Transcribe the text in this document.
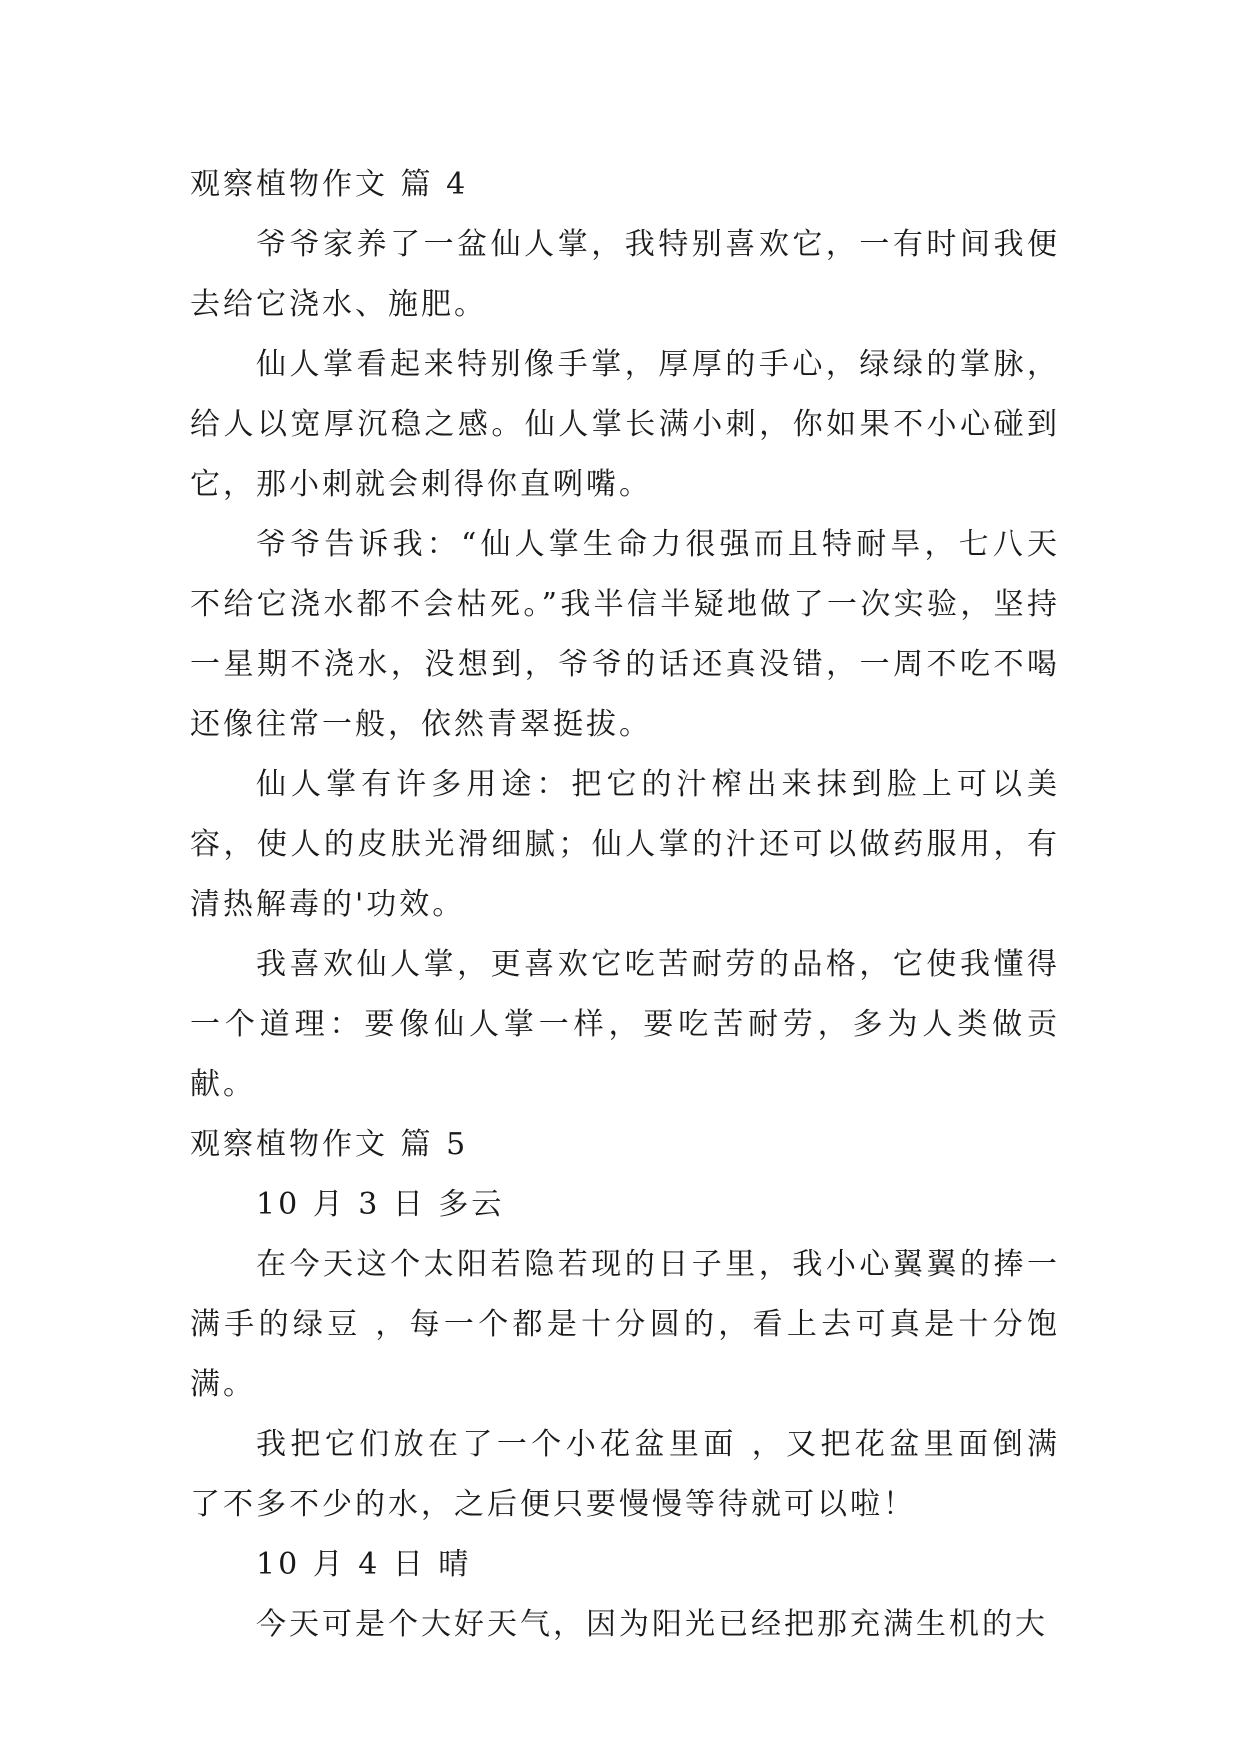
观察植物作文 篇 4

爷爷家养了一盆仙人掌，我特别喜欢它，一有时间我便去给它浇水、施肥。

仙人掌看起来特别像手掌，厚厚的手心，绿绿的掌脉，给人以宽厚沉稳之感。仙人掌长满小刺，你如果不小心碰到它，那小刺就会刺得你直咧嘴。

爷爷告诉我：“仙人掌生命力很强而且特耐旱，七八天不给它浇水都不会枯死。”我半信半疑地做了一次实验，坚持一星期不浇水，没想到，爷爷的话还真没错，一周不吃不喝还像往常一般，依然青翠挺拔。

仙人掌有许多用途：把它的汁榨出来抹到脸上可以美容，使人的皮肤光滑细腻；仙人掌的汁还可以做药服用，有清热解毒的'功效。

我喜欢仙人掌，更喜欢它吃苦耐劳的品格，它使我懂得一个道理：要像仙人掌一样，要吃苦耐劳，多为人类做贡献。

观察植物作文 篇 5

10 月 3 日 多云

在今天这个太阳若隐若现的日子里，我小心翼翼的捧一满手的绿豆 ，每一个都是十分圆的，看上去可真是十分饱满。

我把它们放在了一个小花盆里面 ，又把花盆里面倒满了不多不少的水，之后便只要慢慢等待就可以啦！

10 月 4 日 晴

今天可是个大好天气，因为阳光已经把那充满生机的大
